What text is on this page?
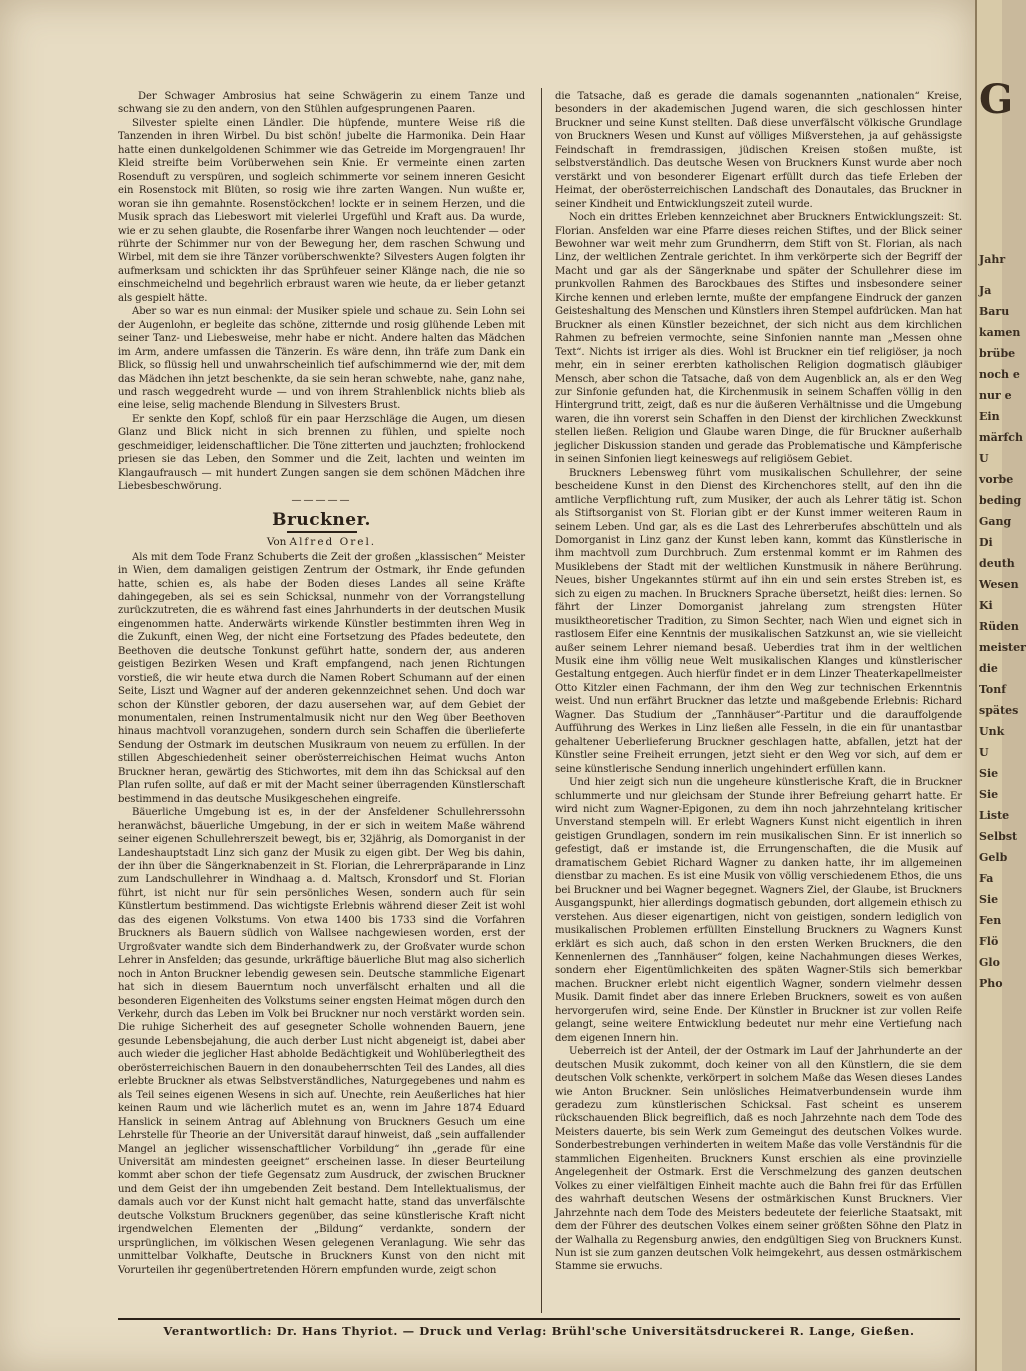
Der Schwager Ambrosius hat seine Schwägerin zu einem Tanze und schwang sie zu den andern, von den Stühlen aufgesprungenen Paaren.

Silvester spielte einen Ländler. Die hüpfende, muntere Weise riß die Tanzenden in ihren Wirbel. Du bist schön! jubelte die Harmonika. Dein Haar hatte einen dunkelgoldenen Schimmer wie das Getreide im Morgengrauen! Ihr Kleid streifte beim Vorüberwehen sein Knie. Er vermeinte einen zarten Rosenduft zu verspüren, und sogleich schimmerte vor seinem inneren Gesicht ein Rosenstock mit Blüten, so rosig wie ihre zarten Wangen. Nun wußte er, woran sie ihn gemahnte. Rosenstöckchen! lockte er in seinem Herzen, und die Musik sprach das Liebeswort mit vielerlei Urgefühl und Kraft aus. Da wurde, wie er zu sehen glaubte, die Rosenfarbe ihrer Wangen noch leuchtender — oder rührte der Schimmer nur von der Bewegung her, dem raschen Schwung und Wirbel, mit dem sie ihre Tänzer vorüberschwenkte? Silvesters Augen folgten ihr aufmerksam und schickten ihr das Sprühfeuer seiner Klänge nach, die nie so einschmeichelnd und begehrlich erbraust waren wie heute, da er lieber getanzt als gespielt hätte.

Aber so war es nun einmal: der Musiker spiele und schaue zu. Sein Lohn sei der Augenlohn, er begleite das schöne, zitternde und rosig glühende Leben mit seiner Tanz- und Liebesweise, mehr habe er nicht. Andere halten das Mädchen im Arm, andere umfassen die Tänzerin. Es wäre denn, ihn träfe zum Dank ein Blick, so flüssig hell und unwahrscheinlich tief aufschimmernd wie der, mit dem das Mädchen ihn jetzt beschenkte, da sie sein heran schwebte, nahe, ganz nahe, und rasch weggedreht wurde — und von ihrem Strahlenblick nichts blieb als eine leise, selig machende Blendung in Silvesters Brust.

Er senkte den Kopf, schloß für ein paar Herzschläge die Augen, um diesen Glanz und Blick nicht in sich brennen zu fühlen, und spielte noch geschmeidiger, leidenschaftlicher. Die Töne zitterten und jauchzten; frohlockend priesen sie das Leben, den Sommer und die Zeit, lachten und weinten im Klangaufrausch — mit hundert Zungen sangen sie dem schönen Mädchen ihre Liebesbeschwörung.

—————
Bruckner.
Von Alfred Orel.

Als mit dem Tode Franz Schuberts die Zeit der großen „klassischen“ Meister in Wien, dem damaligen geistigen Zentrum der Ostmark, ihr Ende gefunden hatte, schien es, als habe der Boden dieses Landes all seine Kräfte dahingegeben, als sei es sein Schicksal, nunmehr von der Vorrangstellung zurückzutreten, die es während fast eines Jahrhunderts in der deutschen Musik eingenommen hatte. Anderwärts wirkende Künstler bestimmten ihren Weg in die Zukunft, einen Weg, der nicht eine Fortsetzung des Pfades bedeutete, den Beethoven die deutsche Tonkunst geführt hatte, sondern der, aus anderen geistigen Bezirken Wesen und Kraft empfangend, nach jenen Richtungen vorstieß, die wir heute etwa durch die Namen Robert Schumann auf der einen Seite, Liszt und Wagner auf der anderen gekennzeichnet sehen. Und doch war schon der Künstler geboren, der dazu ausersehen war, auf dem Gebiet der monumentalen, reinen Instrumentalmusik nicht nur den Weg über Beethoven hinaus machtvoll voranzugehen, sondern durch sein Schaffen die überlieferte Sendung der Ostmark im deutschen Musikraum von neuem zu erfüllen. In der stillen Abgeschiedenheit seiner oberösterreichischen Heimat wuchs Anton Bruckner heran, gewärtig des Stichwortes, mit dem ihn das Schicksal auf den Plan rufen sollte, auf daß er mit der Macht seiner überragenden Künstlerschaft bestimmend in das deutsche Musikgeschehen eingreife.

Bäuerliche Umgebung ist es, in der der Ansfeldener Schullehrerssohn heranwächst, bäuerliche Umgebung, in der er sich in weitem Maße während seiner eigenen Schullehrerszeit bewegt, bis er, 32jährig, als Domorganist in der Landeshauptstadt Linz sich ganz der Musik zu eigen gibt. Der Weg bis dahin, der ihn über die Sängerknabenzeit in St. Florian, die Lehrerpräparande in Linz zum Landschullehrer in Windhaag a. d. Maltsch, Kronsdorf und St. Florian führt, ist nicht nur für sein persönliches Wesen, sondern auch für sein Künstlertum bestimmend. Das wichtigste Erlebnis während dieser Zeit ist wohl das des eigenen Volkstums. Von etwa 1400 bis 1733 sind die Vorfahren Bruckners als Bauern südlich von Wallsee nachgewiesen worden, erst der Urgroßvater wandte sich dem Binderhandwerk zu, der Großvater wurde schon Lehrer in Ansfelden; das gesunde, urkräftige bäuerliche Blut mag also sicherlich noch in Anton Bruckner lebendig gewesen sein. Deutsche stammliche Eigenart hat sich in diesem Bauerntum noch unverfälscht erhalten und all die besonderen Eigenheiten des Volkstums seiner engsten Heimat mögen durch den Verkehr, durch das Leben im Volk bei Bruckner nur noch verstärkt worden sein. Die ruhige Sicherheit des auf gesegneter Scholle wohnenden Bauern, jene gesunde Lebensbejahung, die auch derber Lust nicht abgeneigt ist, dabei aber auch wieder die jeglicher Hast abholde Bedächtigkeit und Wohlüberlegtheit des oberösterreichischen Bauern in den donaubeherrschten Teil des Landes, all dies erlebte Bruckner als etwas Selbstverständliches, Naturgegebenes und nahm es als Teil seines eigenen Wesens in sich auf. Unechte, rein Aeußerliches hat hier keinen Raum und wie lächerlich mutet es an, wenn im Jahre 1874 Eduard Hanslick in seinem Antrag auf Ablehnung von Bruckners Gesuch um eine Lehrstelle für Theorie an der Universität darauf hinweist, daß „sein auffallender Mangel an jeglicher wissenschaftlicher Vorbildung“ ihn „gerade für eine Universität am mindesten geeignet“ erscheinen lasse. In dieser Beurteilung kommt aber schon der tiefe Gegensatz zum Ausdruck, der zwischen Bruckner und dem Geist der ihn umgebenden Zeit bestand. Dem Intellektualismus, der damals auch vor der Kunst nicht halt gemacht hatte, stand das unverfälschte deutsche Volkstum Bruckners gegenüber, das seine künstlerische Kraft nicht irgendwelchen Elementen der „Bildung“ verdankte, sondern der ursprünglichen, im völkischen Wesen gelegenen Veranlagung. Wie sehr das unmittelbar Volkhafte, Deutsche in Bruckners Kunst von den nicht mit Vorurteilen ihr gegenübertretenden Hörern empfunden wurde, zeigt schon

die Tatsache, daß es gerade die damals sogenannten „nationalen“ Kreise, besonders in der akademischen Jugend waren, die sich geschlossen hinter Bruckner und seine Kunst stellten. Daß diese unverfälscht völkische Grundlage von Bruckners Wesen und Kunst auf völliges Mißverstehen, ja auf gehässigste Feindschaft in fremdrassigen, jüdischen Kreisen stoßen mußte, ist selbstverständlich. Das deutsche Wesen von Bruckners Kunst wurde aber noch verstärkt und von besonderer Eigenart erfüllt durch das tiefe Erleben der Heimat, der oberösterreichischen Landschaft des Donautales, das Bruckner in seiner Kindheit und Entwicklungszeit zuteil wurde.

Noch ein drittes Erleben kennzeichnet aber Bruckners Entwicklungszeit: St. Florian. Ansfelden war eine Pfarre dieses reichen Stiftes, und der Blick seiner Bewohner war weit mehr zum Grundherrn, dem Stift von St. Florian, als nach Linz, der weltlichen Zentrale gerichtet. In ihm verkörperte sich der Begriff der Macht und gar als der Sängerknabe und später der Schullehrer diese im prunkvollen Rahmen des Barockbaues des Stiftes und insbesondere seiner Kirche kennen und erleben lernte, mußte der empfangene Eindruck der ganzen Geisteshaltung des Menschen und Künstlers ihren Stempel aufdrücken. Man hat Bruckner als einen Künstler bezeichnet, der sich nicht aus dem kirchlichen Rahmen zu befreien vermochte, seine Sinfonien nannte man „Messen ohne Text“. Nichts ist irriger als dies. Wohl ist Bruckner ein tief religiöser, ja noch mehr, ein in seiner ererbten katholischen Religion dogmatisch gläubiger Mensch, aber schon die Tatsache, daß von dem Augenblick an, als er den Weg zur Sinfonie gefunden hat, die Kirchenmusik in seinem Schaffen völlig in den Hintergrund tritt, zeigt, daß es nur die äußeren Verhältnisse und die Umgebung waren, die ihn vorerst sein Schaffen in den Dienst der kirchlichen Zweckkunst stellen ließen. Religion und Glaube waren Dinge, die für Bruckner außerhalb jeglicher Diskussion standen und gerade das Problematische und Kämpferische in seinen Sinfonien liegt keineswegs auf religiösem Gebiet.

Bruckners Lebensweg führt vom musikalischen Schullehrer, der seine bescheidene Kunst in den Dienst des Kirchenchores stellt, auf den ihn die amtliche Verpflichtung ruft, zum Musiker, der auch als Lehrer tätig ist. Schon als Stiftsorganist von St. Florian gibt er der Kunst immer weiteren Raum in seinem Leben. Und gar, als es die Last des Lehrerberufes abschütteln und als Domorganist in Linz ganz der Kunst leben kann, kommt das Künstlerische in ihm machtvoll zum Durchbruch. Zum erstenmal kommt er im Rahmen des Musiklebens der Stadt mit der weltlichen Kunstmusik in nähere Berührung. Neues, bisher Ungekanntes stürmt auf ihn ein und sein erstes Streben ist, es sich zu eigen zu machen. In Bruckners Sprache übersetzt, heißt dies: lernen. So fährt der Linzer Domorganist jahrelang zum strengsten Hüter musiktheoretischer Tradition, zu Simon Sechter, nach Wien und eignet sich in rastlosem Eifer eine Kenntnis der musikalischen Satzkunst an, wie sie vielleicht außer seinem Lehrer niemand besaß. Ueberdies trat ihm in der weltlichen Musik eine ihm völlig neue Welt musikalischen Klanges und künstlerischer Gestaltung entgegen. Auch hierfür findet er in dem Linzer Theaterkapellmeister Otto Kitzler einen Fachmann, der ihm den Weg zur technischen Erkenntnis weist. Und nun erfährt Bruckner das letzte und maßgebende Erlebnis: Richard Wagner. Das Studium der „Tannhäuser“-Partitur und die darauffolgende Aufführung des Werkes in Linz ließen alle Fesseln, in die ein für unantastbar gehaltener Ueberlieferung Bruckner geschlagen hatte, abfallen, jetzt hat der Künstler seine Freiheit errungen, jetzt sieht er den Weg vor sich, auf dem er seine künstlerische Sendung innerlich ungehindert erfüllen kann.

Und hier zeigt sich nun die ungeheure künstlerische Kraft, die in Bruckner schlummerte und nur gleichsam der Stunde ihrer Befreiung geharrt hatte. Er wird nicht zum Wagner-Epigonen, zu dem ihn noch jahrzehntelang kritischer Unverstand stempeln will. Er erlebt Wagners Kunst nicht eigentlich in ihren geistigen Grundlagen, sondern im rein musikalischen Sinn. Er ist innerlich so gefestigt, daß er imstande ist, die Errungenschaften, die die Musik auf dramatischem Gebiet Richard Wagner zu danken hatte, ihr im allgemeinen dienstbar zu machen. Es ist eine Musik von völlig verschiedenem Ethos, die uns bei Bruckner und bei Wagner begegnet. Wagners Ziel, der Glaube, ist Bruckners Ausgangspunkt, hier allerdings dogmatisch gebunden, dort allgemein ethisch zu verstehen. Aus dieser eigenartigen, nicht von geistigen, sondern lediglich von musikalischen Problemen erfüllten Einstellung Bruckners zu Wagners Kunst erklärt es sich auch, daß schon in den ersten Werken Bruckners, die den Kennenlernen des „Tannhäuser“ folgen, keine Nachahmungen dieses Werkes, sondern eher Eigentümlichkeiten des späten Wagner-Stils sich bemerkbar machen. Bruckner erlebt nicht eigentlich Wagner, sondern vielmehr dessen Musik. Damit findet aber das innere Erleben Bruckners, soweit es von außen hervorgerufen wird, seine Ende. Der Künstler in Bruckner ist zur vollen Reife gelangt, seine weitere Entwicklung bedeutet nur mehr eine Vertiefung nach dem eigenen Innern hin.

Ueberreich ist der Anteil, der der Ostmark im Lauf der Jahrhunderte an der deutschen Musik zukommt, doch keiner von all den Künstlern, die sie dem deutschen Volk schenkte, verkörpert in solchem Maße das Wesen dieses Landes wie Anton Bruckner. Sein unlösliches Heimatverbundensein wurde ihm geradezu zum künstlerischen Schicksal. Fast scheint es unserem rückschauenden Blick begreiflich, daß es noch Jahrzehnte nach dem Tode des Meisters dauerte, bis sein Werk zum Gemeingut des deutschen Volkes wurde. Sonderbestrebungen verhinderten in weitem Maße das volle Verständnis für die stammlichen Eigenheiten. Bruckners Kunst erschien als eine provinzielle Angelegenheit der Ostmark. Erst die Verschmelzung des ganzen deutschen Volkes zu einer vielfältigen Einheit machte auch die Bahn frei für das Erfüllen des wahrhaft deutschen Wesens der ostmärkischen Kunst Bruckners. Vier Jahrzehnte nach dem Tode des Meisters bedeutete der feierliche Staatsakt, mit dem der Führer des deutschen Volkes einem seiner größten Söhne den Platz in der Walhalla zu Regensburg anwies, den endgültigen Sieg von Bruckners Kunst. Nun ist sie zum ganzen deutschen Volk heimgekehrt, aus dessen ostmärkischem Stamme sie erwuchs.

Verantwortlich: Dr. Hans Thyriot. — Druck und Verlag: Brühl'sche Universitätsdruckerei R. Lange, Gießen.
G
Jahr
Ja
Baru
kamen
brübe
noch e
nur e
Ein
märfch
U
vorbe
beding
Gang
Di
deuth
Wesen
Ki
Rüden
meister
die
Tonf
spätes
Unk
U
Sie
Sie
Liste
Selbst
Gelb
Fa
Sie
Fen
Flö
Glo
Pho
